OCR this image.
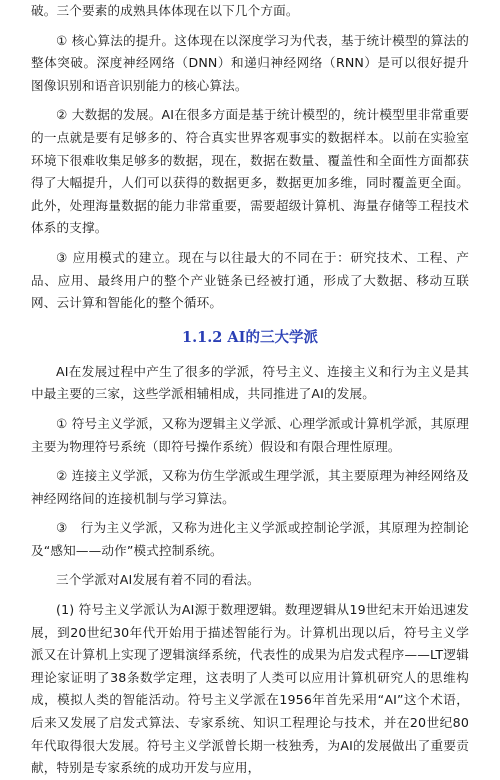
破。三个要素的成熟具体体现在以下几个方面。

① 核心算法的提升。这体现在以深度学习为代表，基于统计模型的算法的整体突破。深度神经网络（DNN）和递归神经网络（RNN）是可以很好提升图像识别和语音识别能力的核心算法。

② 大数据的发展。AI在很多方面是基于统计模型的，统计模型里非常重要的一点就是要有足够多的、符合真实世界客观事实的数据样本。以前在实验室环境下很难收集足够多的数据，现在，数据在数量、覆盖性和全面性方面都获得了大幅提升，人们可以获得的数据更多，数据更加多维，同时覆盖更全面。此外，处理海量数据的能力非常重要，需要超级计算机、海量存储等工程技术体系的支撑。

③ 应用模式的建立。现在与以往最大的不同在于：研究技术、工程、产品、应用、最终用户的整个产业链条已经被打通，形成了大数据、移动互联网、云计算和智能化的整个循环。

1.1.2 AI的三大学派

AI在发展过程中产生了很多的学派，符号主义、连接主义和行为主义是其中最主要的三家，这些学派相辅相成，共同推进了AI的发展。

① 符号主义学派，又称为逻辑主义学派、心理学派或计算机学派，其原理主要为物理符号系统（即符号操作系统）假设和有限合理性原理。

② 连接主义学派，又称为仿生学派或生理学派，其主要原理为神经网络及神经网络间的连接机制与学习算法。

③　行为主义学派，又称为进化主义学派或控制论学派，其原理为控制论及“感知——动作”模式控制系统。

三个学派对AI发展有着不同的看法。

(1) 符号主义学派认为AI源于数理逻辑。数理逻辑从19世纪末开始迅速发展，到20世纪30年代开始用于描述智能行为。计算机出现以后，符号主义学派又在计算机上实现了逻辑演绎系统，代表性的成果为启发式程序——LT逻辑理论家证明了38条数学定理，这表明了人类可以应用计算机研究人的思维构成，模拟人类的智能活动。符号主义学派在1956年首先采用“AI”这个术语，后来又发展了启发式算法、专家系统、知识工程理论与技术，并在20世纪80年代取得很大发展。符号主义学派曾长期一枝独秀，为AI的发展做出了重要贡献，特别是专家系统的成功开发与应用，
